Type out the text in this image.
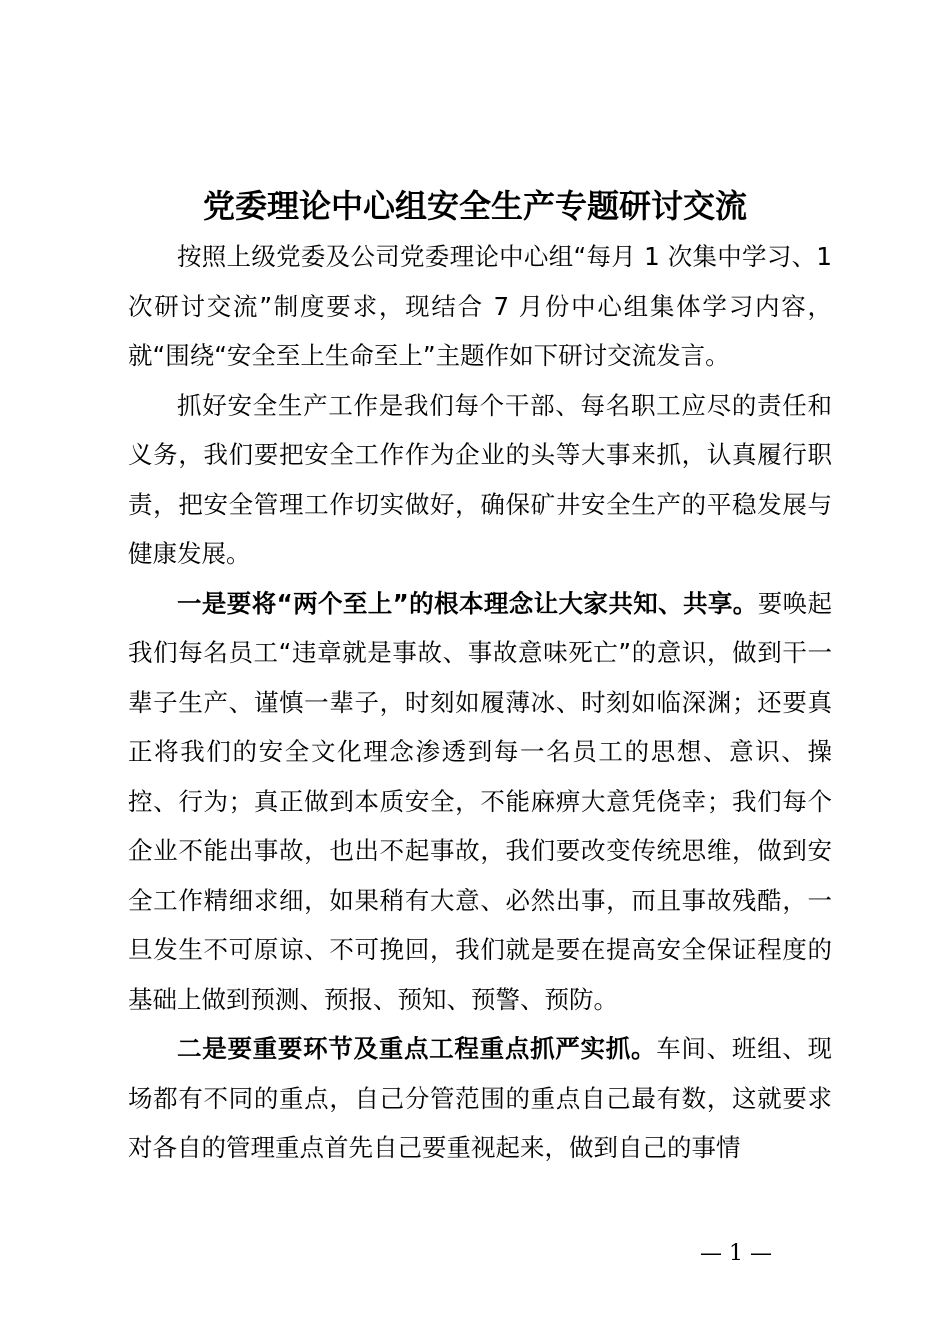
党委理论中心组安全生产专题研讨交流

按照上级党委及公司党委理论中心组“每月 1 次集中学习、1 次研讨交流”制度要求，现结合 7 月份中心组集体学习内容，就“围绕“安全至上生命至上”主题作如下研讨交流发言。

抓好安全生产工作是我们每个干部、每名职工应尽的责任和义务，我们要把安全工作作为企业的头等大事来抓，认真履行职责，把安全管理工作切实做好，确保矿井安全生产的平稳发展与健康发展。

一是要将“两个至上”的根本理念让大家共知、共享。要唤起我们每名员工“违章就是事故、事故意味死亡”的意识，做到干一辈子生产、谨慎一辈子，时刻如履薄冰、时刻如临深渊；还要真正将我们的安全文化理念渗透到每一名员工的思想、意识、操控、行为；真正做到本质安全，不能麻痹大意凭侥幸；我们每个企业不能出事故，也出不起事故，我们要改变传统思维，做到安全工作精细求细，如果稍有大意、必然出事，而且事故残酷，一旦发生不可原谅、不可挽回，我们就是要在提高安全保证程度的基础上做到预测、预报、预知、预警、预防。

二是要重要环节及重点工程重点抓严实抓。车间、班组、现场都有不同的重点，自己分管范围的重点自己最有数，这就要求对各自的管理重点首先自己要重视起来，做到自己的事情

— 1 —
